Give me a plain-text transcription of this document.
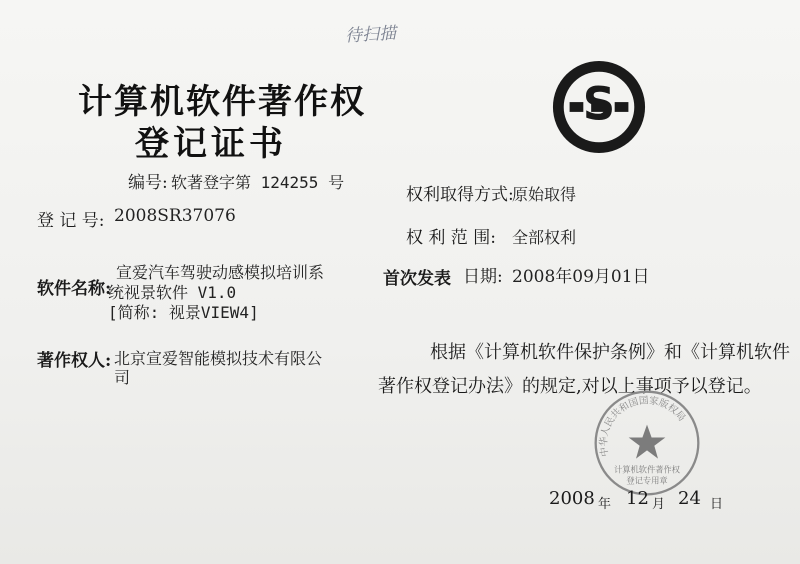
待扫描
计算机软件著作权
登记证书
S
编号: 软著登字第 124255 号
登 记 号: 2008SR37076
软件名称:
宣爱汽车驾驶动感模拟培训系
统视景软件 V1.0
[简称: 视景VIEW4]
著作权人: 北京宣爱智能模拟技术有限公
司
权利取得方式:
原始取得
权 利 范 围: 全部权利
首次发表 日期: 2008年09月01日
根据《计算机软件保护条例》和《计算机软件
著作权登记办法》的规定,对以上事项予以登记。
中华人民共和国国家版权局
计算机软件著作权
登记专用章
2008 年 12 月 24 日
